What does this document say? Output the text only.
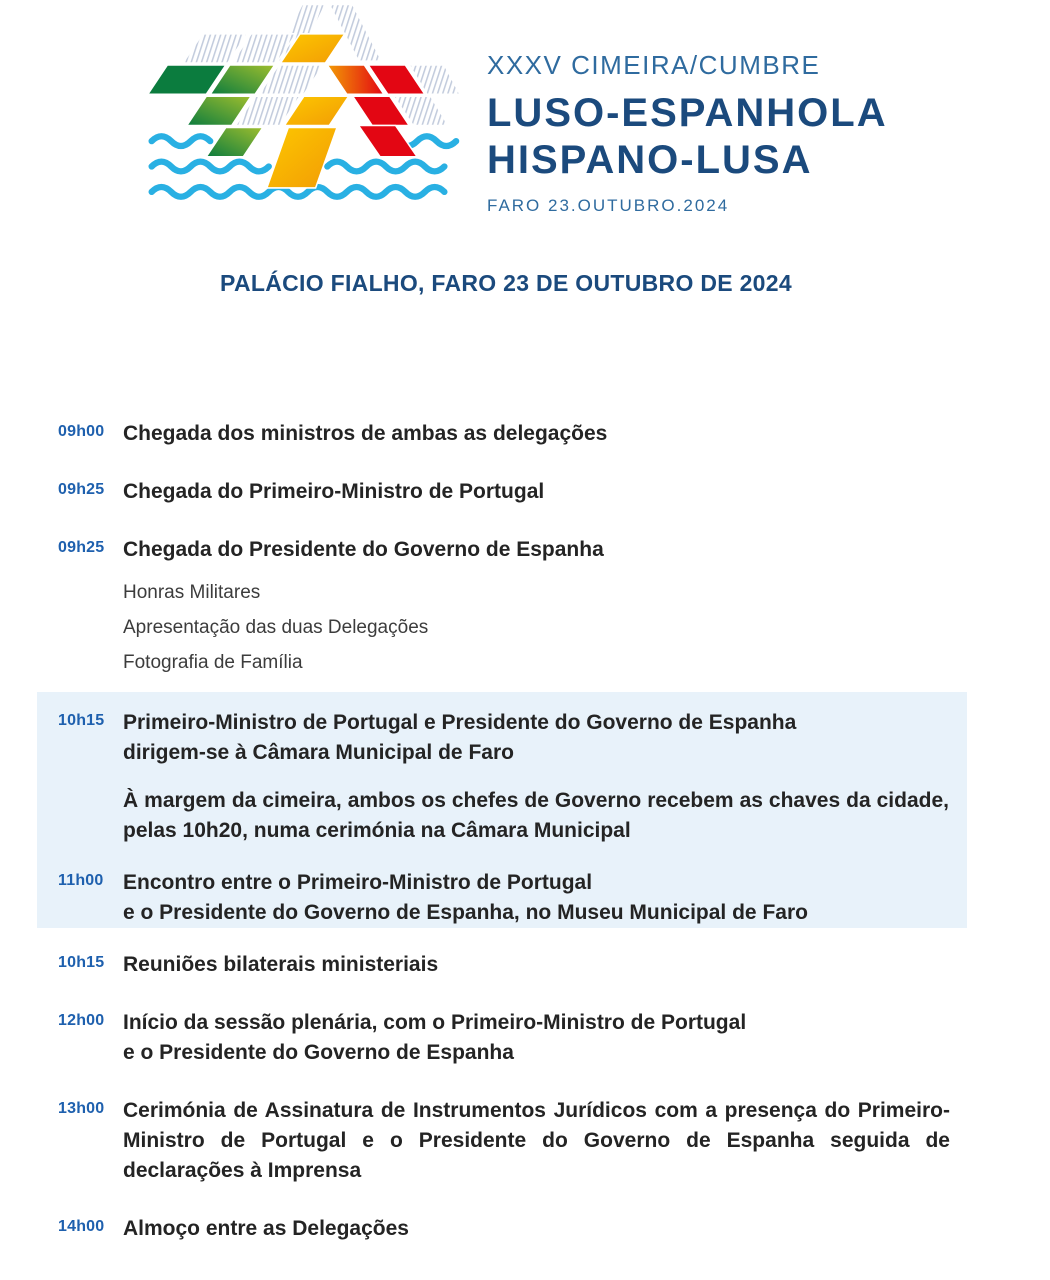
XXXV CIMEIRA/CUMBRE
LUSO-ESPANHOLA
HISPANO-LUSA
FARO 23.OUTUBRO.2024
PALÁCIO FIALHO, FARO 23 DE OUTUBRO DE 2024
09h00 Chegada dos ministros de ambas as delegações
09h25 Chegada do Primeiro-Ministro de Portugal
09h25 Chegada do Presidente do Governo de Espanha
Honras Militares
Apresentação das duas Delegações
Fotografia de Família
10h15 Primeiro-Ministro de Portugal e Presidente do Governo de Espanha
dirigem-se à Câmara Municipal de Faro
À margem da cimeira, ambos os chefes de Governo recebem as chaves da cidade, pelas 10h20, numa cerimónia na Câmara Municipal
11h00 Encontro entre o Primeiro-Ministro de Portugal
e o Presidente do Governo de Espanha, no Museu Municipal de Faro
10h15 Reuniões bilaterais ministeriais
12h00 Início da sessão plenária, com o Primeiro-Ministro de Portugal
e o Presidente do Governo de Espanha
13h00 Cerimónia de Assinatura de Instrumentos Jurídicos com a presença do Primeiro-Ministro de Portugal e o Presidente do Governo de Espanha seguida de declarações à Imprensa
14h00 Almoço entre as Delegações
